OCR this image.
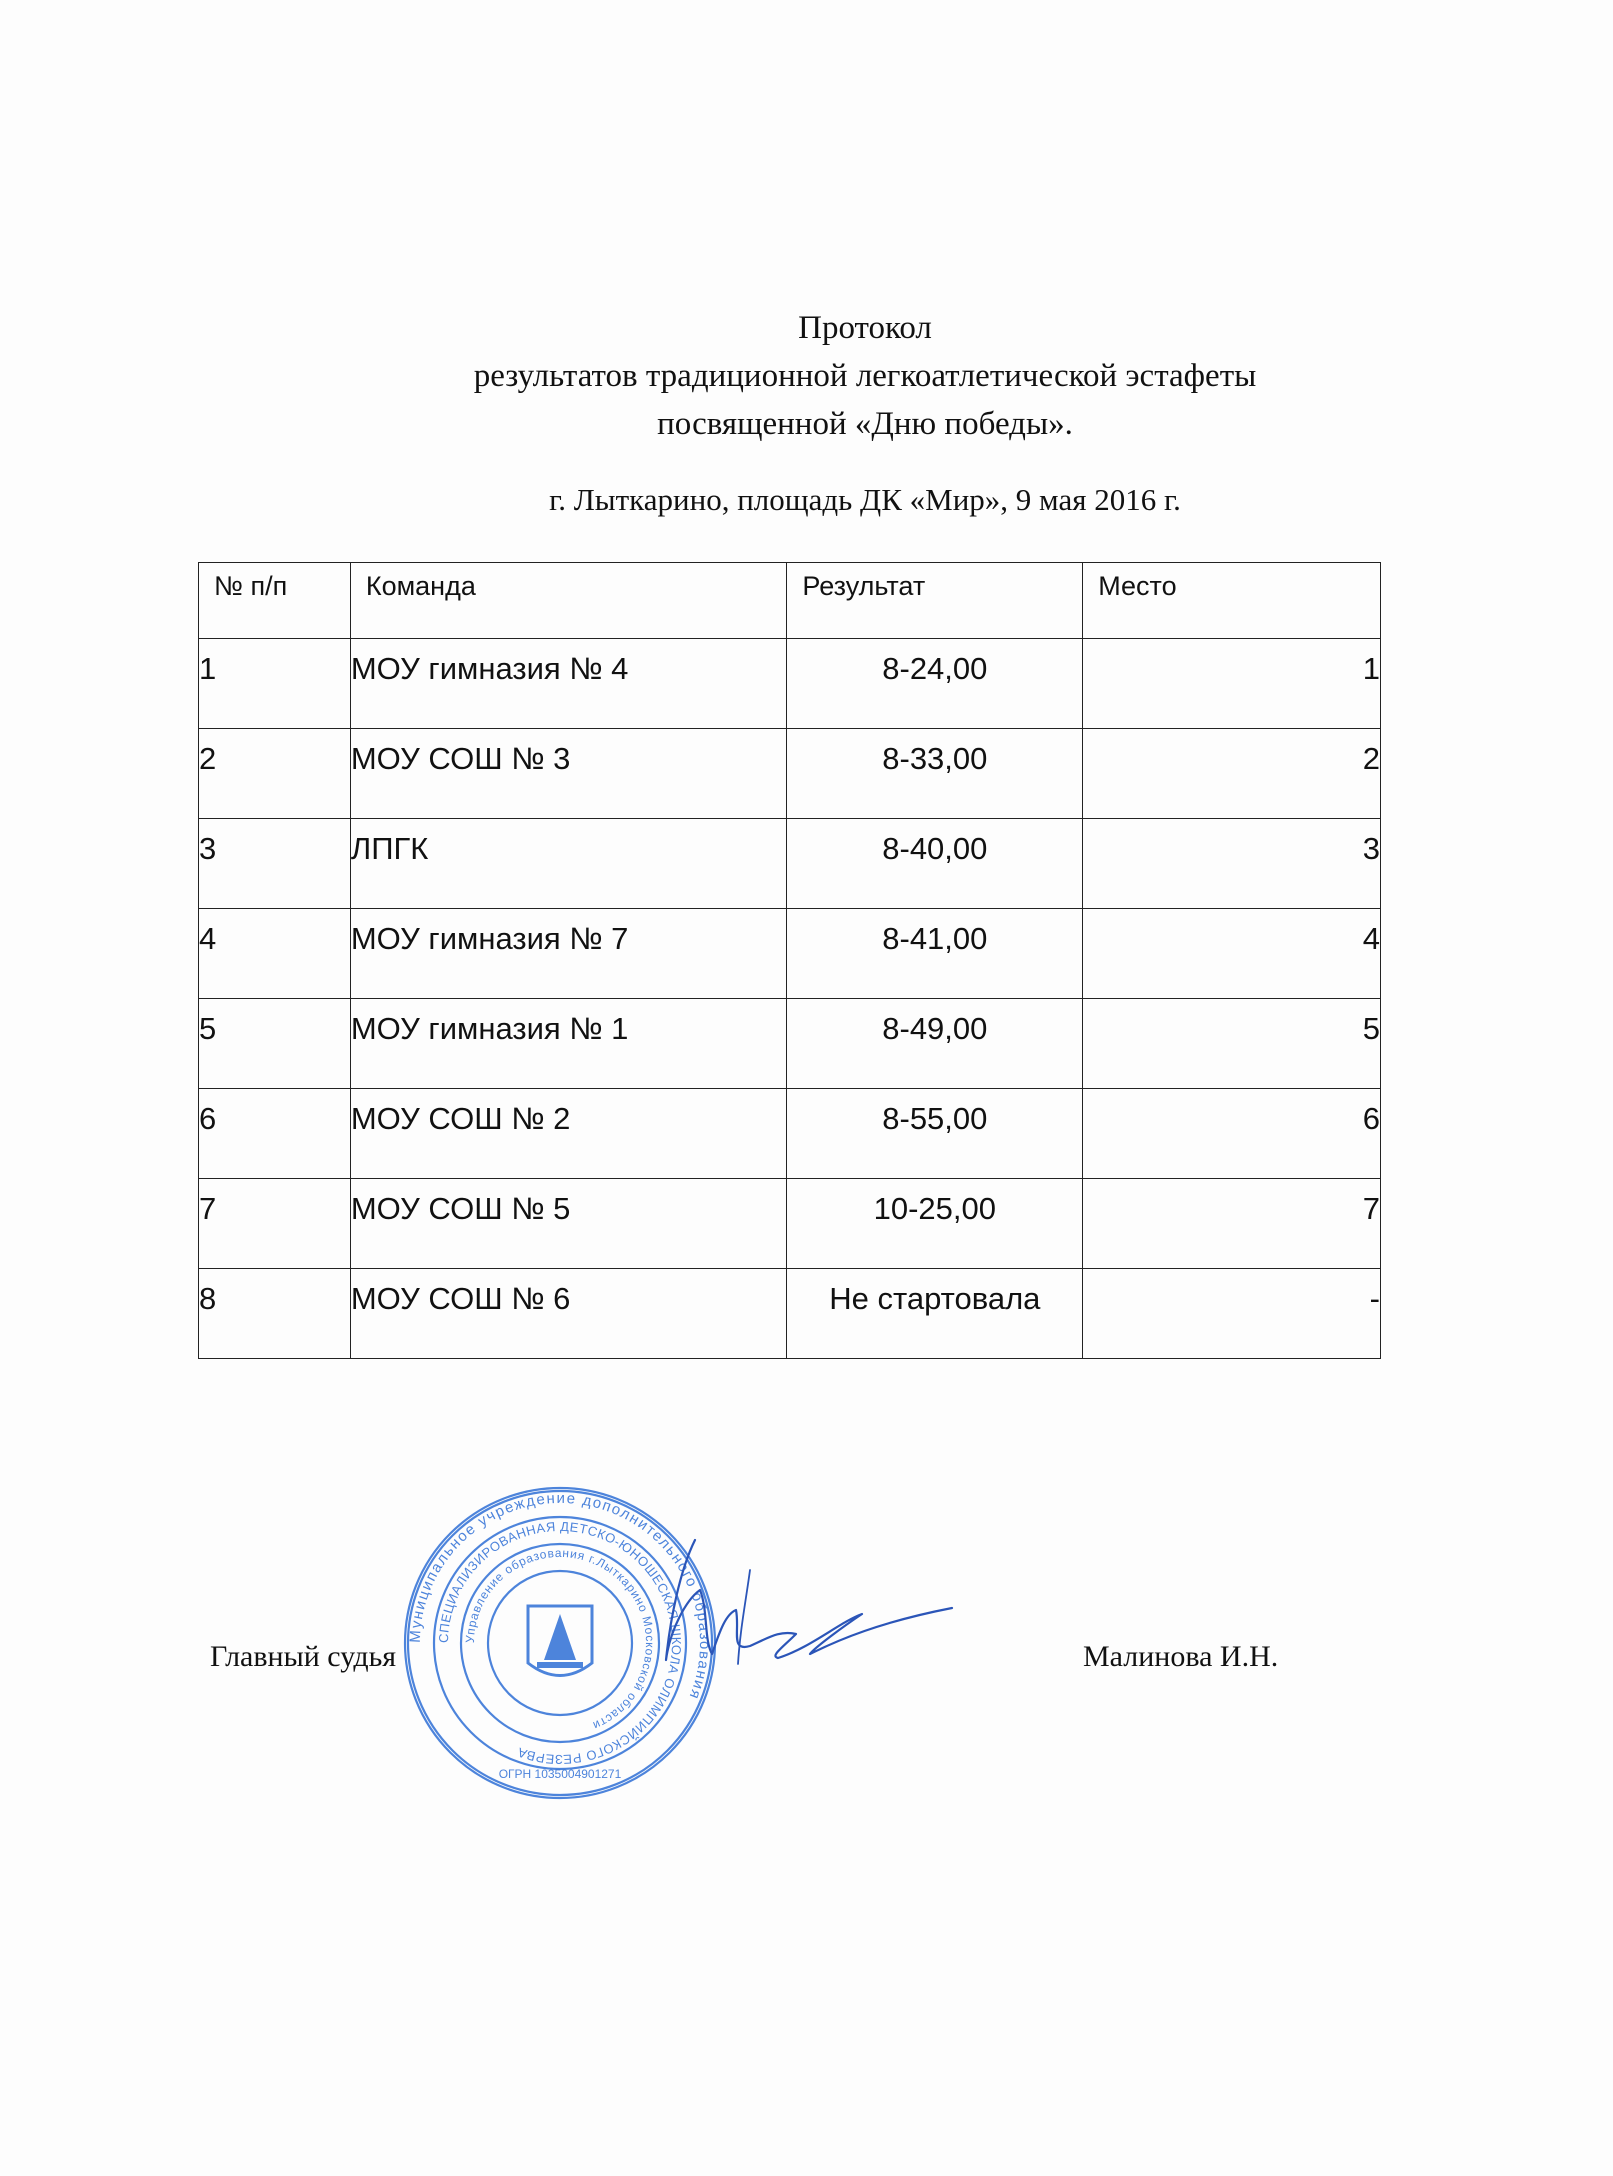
Протокол
результатов традиционной легкоатлетической эстафеты
посвященной «Дню победы».
г. Лыткарино, площадь ДК «Мир», 9 мая 2016 г.
№ п/п	Команда	Результат	Место
1	МОУ гимназия № 4	8-24,00	1
2	МОУ СОШ № 3	8-33,00	2
3	ЛПГК	8-40,00	3
4	МОУ гимназия № 7	8-41,00	4
5	МОУ гимназия № 1	8-49,00	5
6	МОУ СОШ № 2	8-55,00	6
7	МОУ СОШ № 5	10-25,00	7
8	МОУ СОШ № 6	Не стартовала	-
Главный судья	Малинова И.Н.
Муниципальное учреждение дополнительного образования
СПЕЦИАЛИЗИРОВАННАЯ ДЕТСКО-ЮНОШЕСКАЯ ШКОЛА ОЛИМПИЙСКОГО РЕЗЕРВА
Управление образования г.Лыткарино Московской области
ОГРН 1035004901271
